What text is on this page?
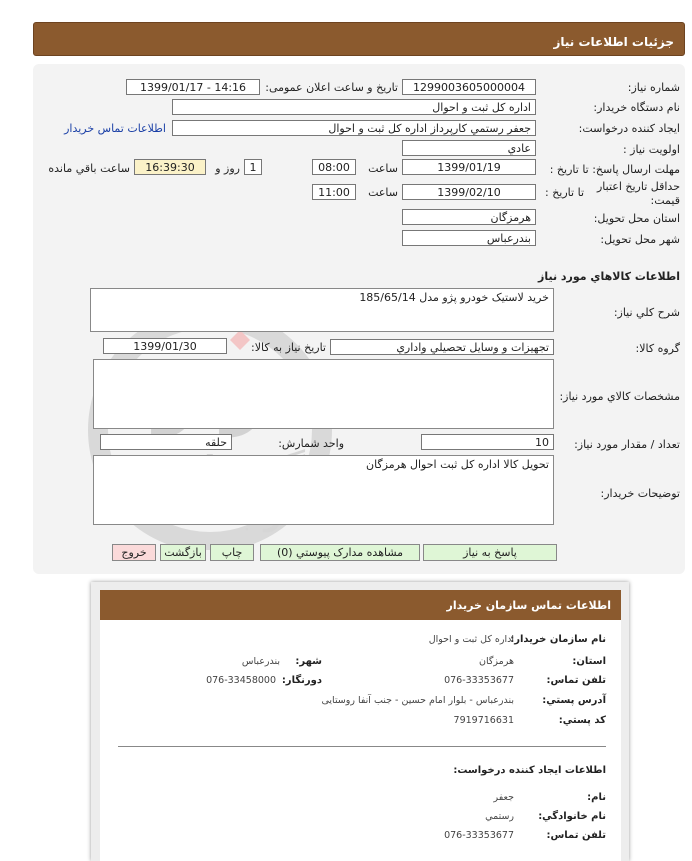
جزئیات اطلاعات نیاز
شماره نیاز:
1299003605000004
تاریخ و ساعت اعلان عمومی:
1399/01/17 - 14:16
نام دستگاه خریدار:
اداره کل ثبت و احوال
ایجاد کننده درخواست:
جعفر رستمي کارپرداز اداره کل ثبت و احوال
اطلاعات تماس خریدار
اولویت نیاز :
عادي
مهلت ارسال پاسخ: تا تاریخ :
1399/01/19
ساعت
08:00
1
روز و
16:39:30
ساعت باقي مانده
حداقل تاریخ اعتبار
قیمت:
تا تاریخ :
1399/02/10
ساعت
11:00
استان محل تحویل:
هرمزگان
شهر محل تحویل:
بندرعباس
اطلاعات کالاهاي مورد نیاز
شرح کلي نیاز:
خرید لاستیک خودرو پژو مدل 185/65/14
گروه کالا:
تجهیزات و وسایل تحصیلي واداري
تاریخ نیاز به کالا:
1399/01/30
مشخصات کالاي مورد نیاز:
تعداد / مقدار مورد نیاز:
10
واحد شمارش:
حلقه
توضیحات خریدار:
تحویل کالا اداره کل ثبت احوال هرمزگان
پاسخ به نیاز
مشاهده مدارک پیوستي (0)
چاپ
بازگشت
خروج
اطلاعات تماس سازمان خریدار
نام سازمان خریدار:
اداره کل ثبت و احوال
استان:
هرمزگان
شهر:
بندرعباس
تلفن تماس:
076-33353677
دورنگار:
076-33458000
آدرس پستي:
بندرعباس - بلوار امام حسین - جنب آنفا روستایی
کد پستي:
7919716631
اطلاعات ایجاد کننده درخواست:
نام:
جعفر
نام خانوادگي:
رستمي
تلفن تماس:
076-33353677
